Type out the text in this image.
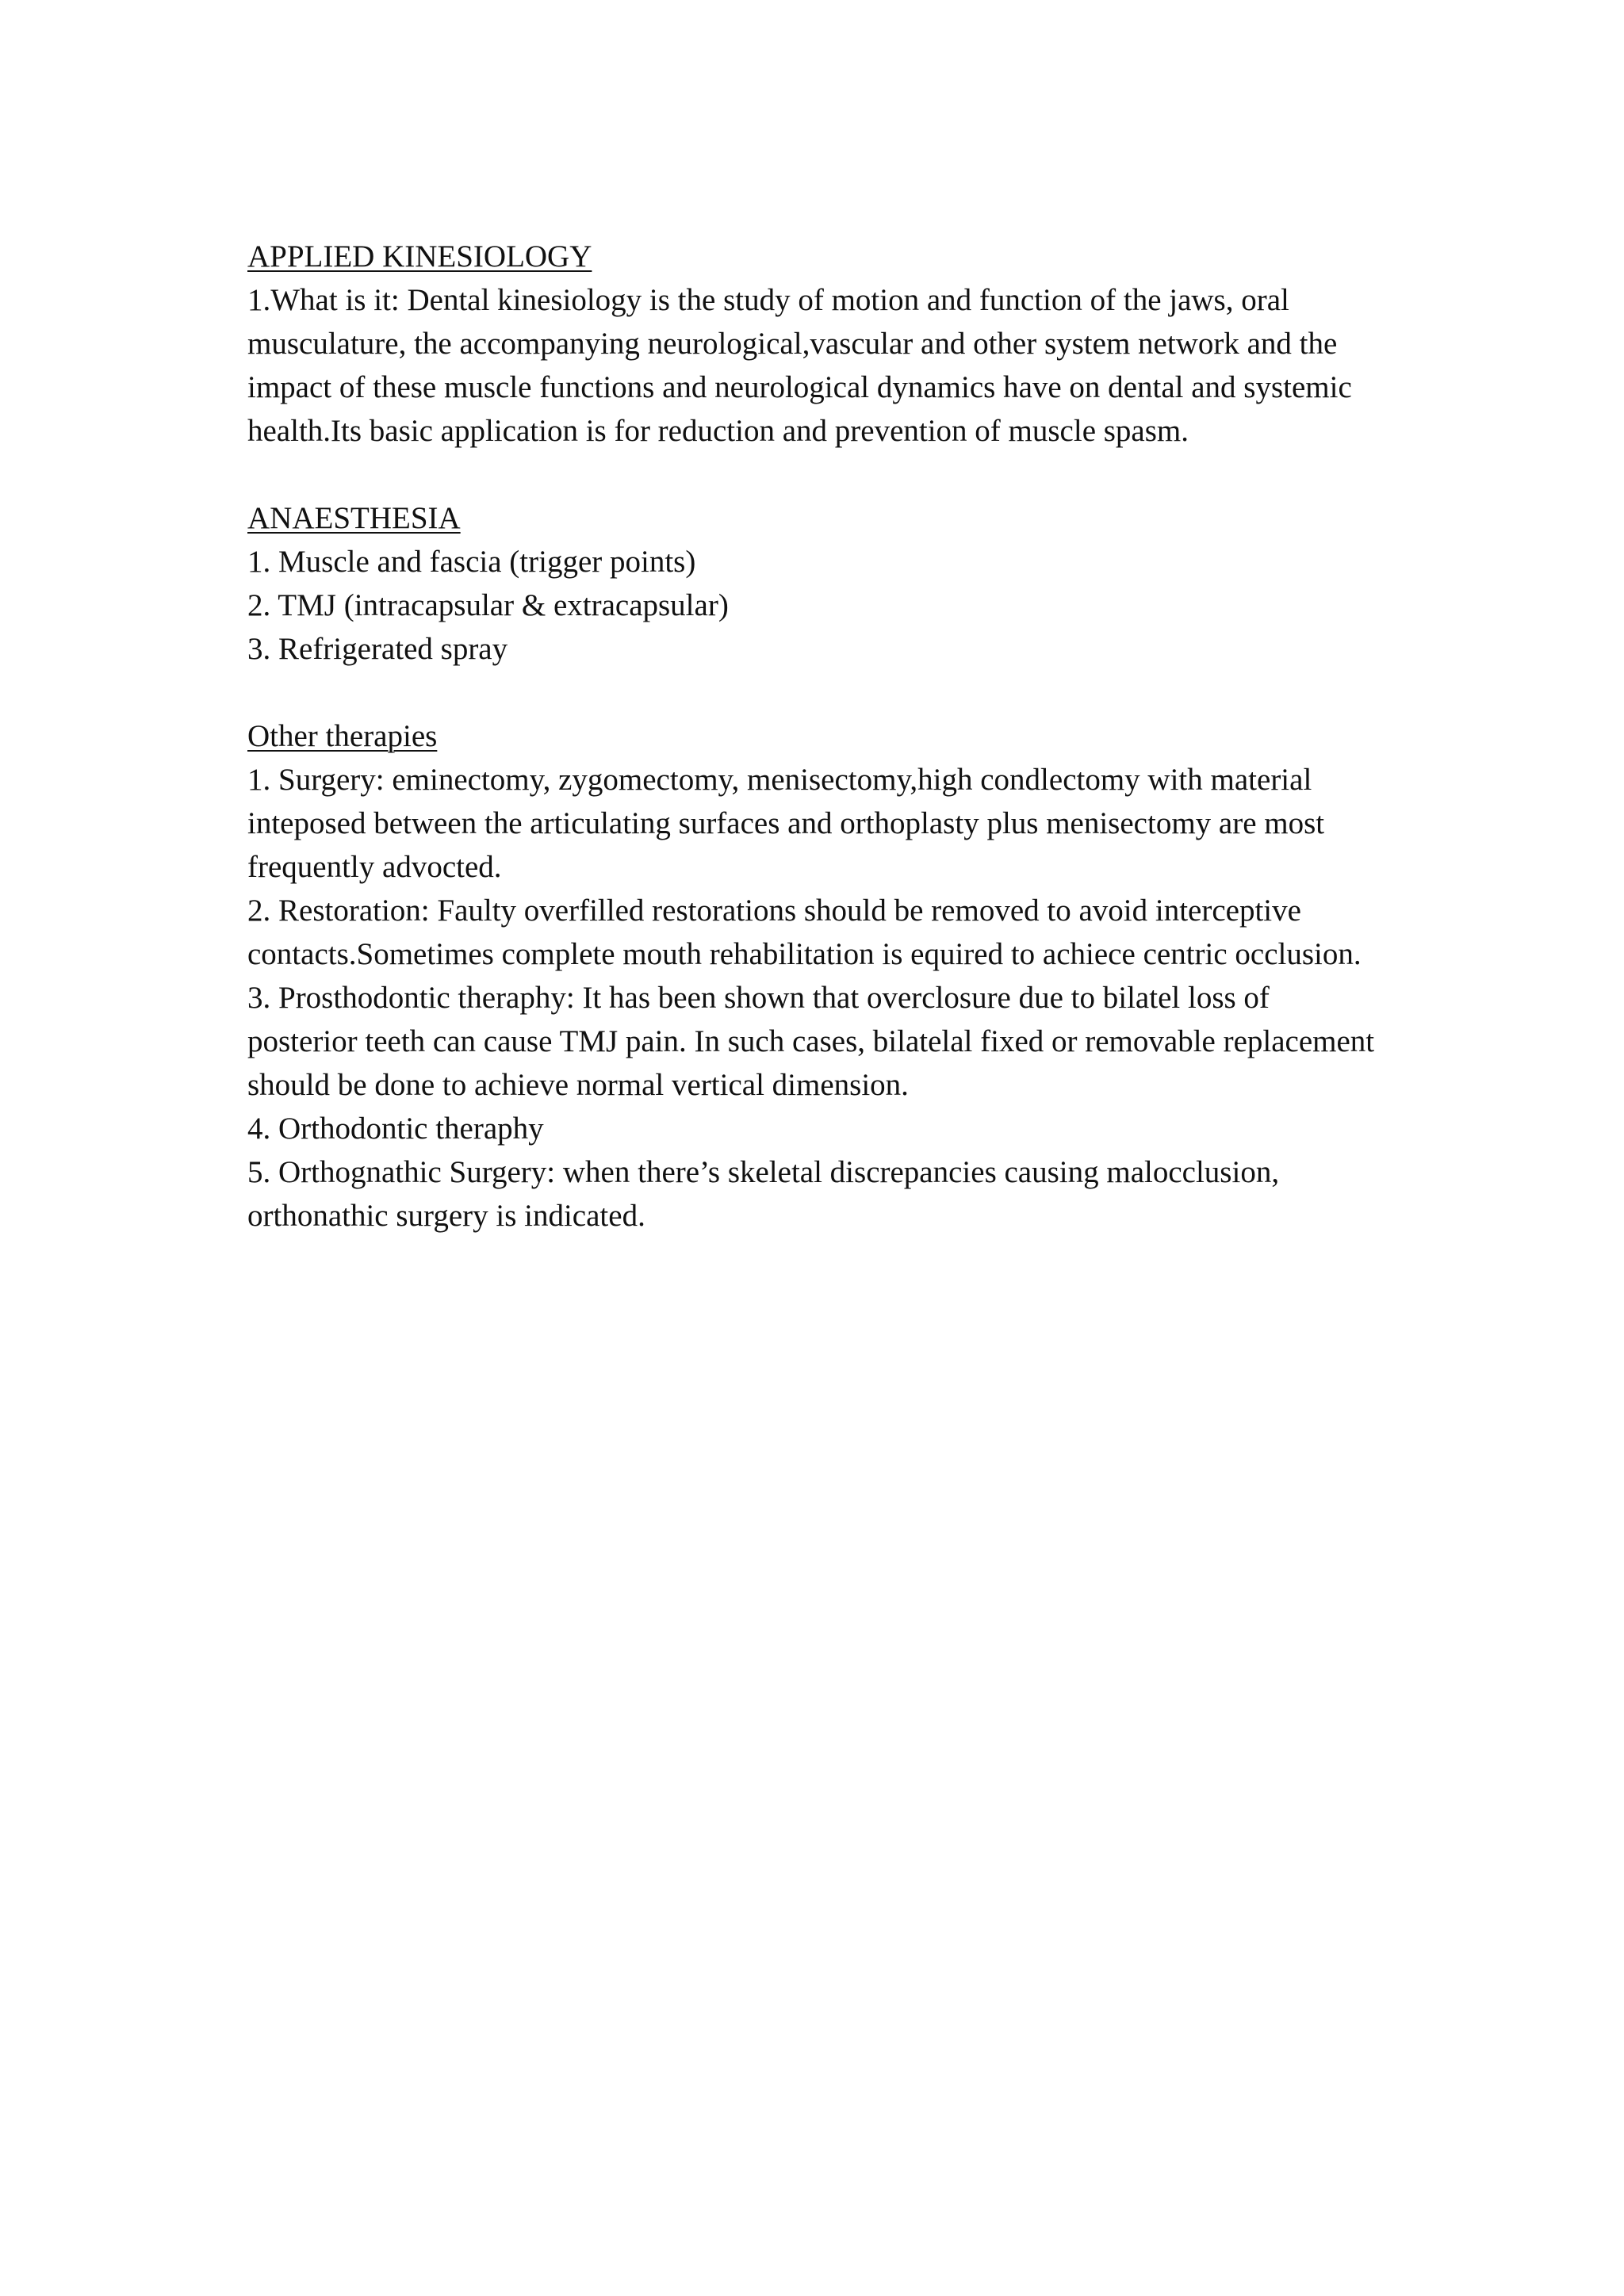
APPLIED KINESIOLOGY

1.What is it: Dental kinesiology is the study of motion and function of the jaws, oral musculature, the accompanying neurological,vascular and other system network and the impact of these muscle functions and neurological dynamics have on dental and systemic health.Its basic application is for reduction and prevention of muscle spasm.

ANAESTHESIA

1. Muscle and fascia (trigger points)

2. TMJ (intracapsular & extracapsular)

3. Refrigerated spray

Other therapies

1. Surgery: eminectomy, zygomectomy, menisectomy,high condlectomy with material inteposed between the articulating surfaces and orthoplasty plus menisectomy are most frequently advocted.

2. Restoration: Faulty overfilled restorations should be removed to avoid interceptive contacts.Sometimes complete mouth rehabilitation is equired to achiece centric occlusion.

3. Prosthodontic theraphy: It has been shown that overclosure due to bilatel loss of posterior teeth can cause TMJ pain. In such cases, bilatelal fixed or removable replacement should be done to achieve normal vertical dimension.

4. Orthodontic theraphy

5. Orthognathic Surgery: when there’s skeletal discrepancies causing malocclusion, orthonathic surgery is indicated.
